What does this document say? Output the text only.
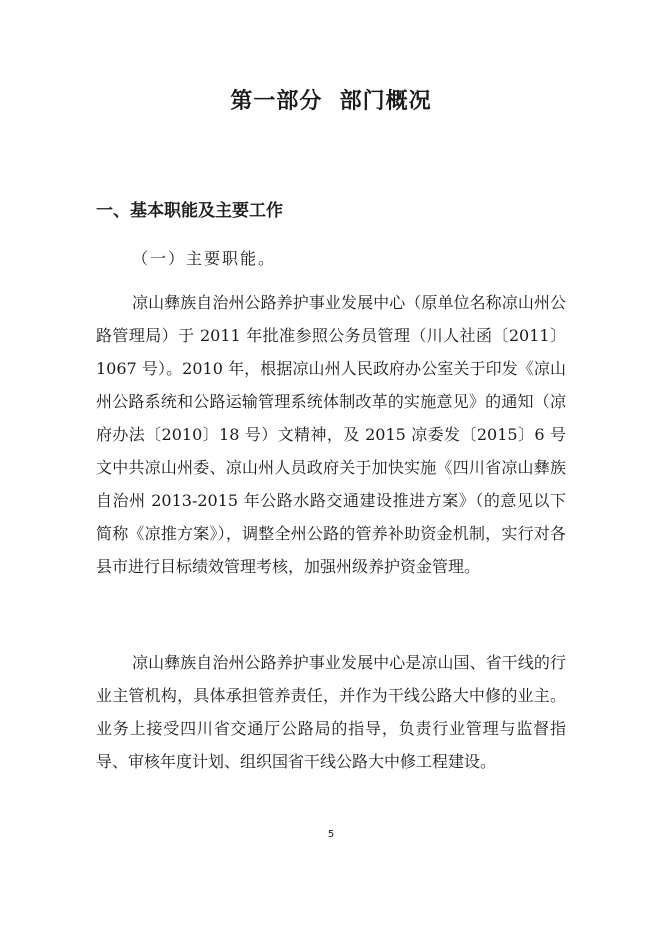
第一部分  部门概况
一、基本职能及主要工作

（一）主要职能。

凉山彝族自治州公路养护事业发展中心（原单位名称凉山州公路管理局）于 2011 年批准参照公务员管理（川人社函〔2011〕1067 号）。2010 年，根据凉山州人民政府办公室关于印发《凉山州公路系统和公路运输管理系统体制改革的实施意见》的通知（凉府办法〔2010〕18 号）文精神，及 2015 凉委发〔2015〕6 号文中共凉山州委、凉山州人员政府关于加快实施《四川省凉山彝族自治州 2013-2015 年公路水路交通建设推进方案》（的意见以下简称《凉推方案》），调整全州公路的管养补助资金机制，实行对各县市进行目标绩效管理考核，加强州级养护资金管理。

凉山彝族自治州公路养护事业发展中心是凉山国、省干线的行业主管机构，具体承担管养责任，并作为干线公路大中修的业主。业务上接受四川省交通厅公路局的指导，负责行业管理与监督指导、审核年度计划、组织国省干线公路大中修工程建设。

5
